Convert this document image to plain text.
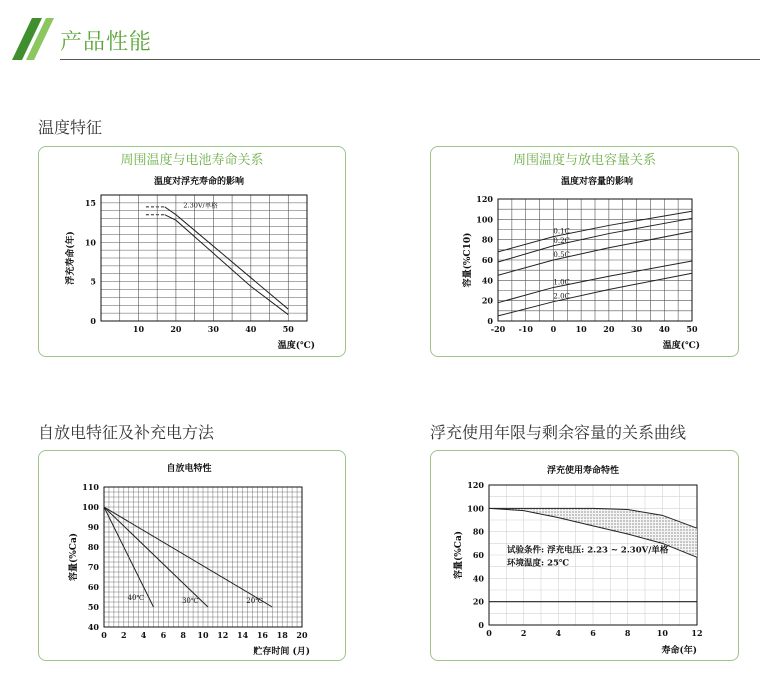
产品性能
温度特征
自放电特征及补充电方法	浮充使用年限与剩余容量的关系曲线
周围温度与电池寿命关系
温度对浮充寿命的影响
10	20	30	40	50
0
5
10
15
温度(℃)
浮充寿命(年)
2.30V/单格
周围温度与放电容量关系
温度对容量的影响
-20 -10 0 10 20 30 40 50
0
20
40
60
80
100
120
温度(℃)
容量(%C10)
0.1C
0.2C
0.5C
1.0C
2.0C
自放电特性
0 2 4 6 8 10 12 14 16 18 20
40
50
60
70
80
90
100
110
贮存时间 (月)
容量(%Ca)
40℃	30℃	20℃
浮充使用寿命特性
0	2	4	6	8	10	12
0
20
40
60
80
100
120
寿命(年)
容量(%Ca)	试验条件: 浮充电压: 2.23 ~ 2.30V/单格
环境温度: 25℃
